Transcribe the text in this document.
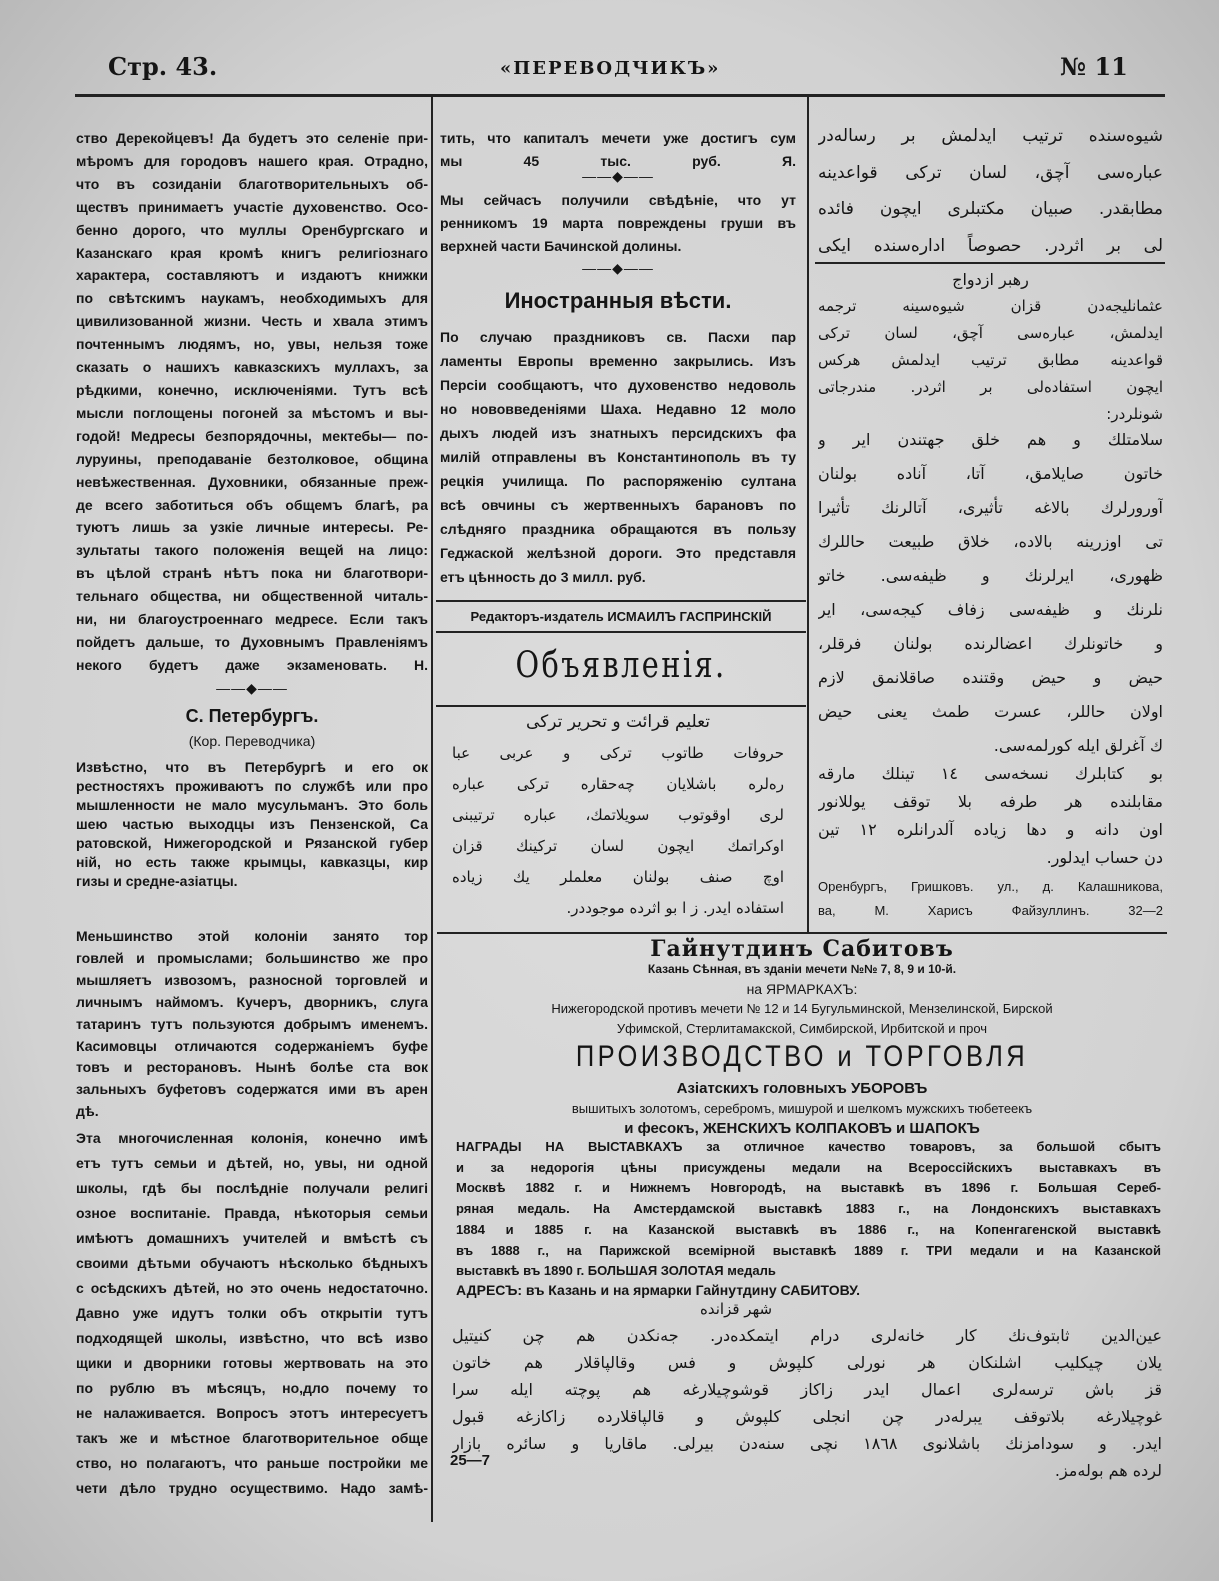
Стр. 43.	«ПЕРЕВОДЧИКЪ»	№ 11
ство Дерекойцевъ! Да будетъ это селеніе при-
мѣромъ для городовъ нашего края. Отрадно,
что въ созиданіи благотворительныхъ об-
ществъ принимаетъ участіе духовенство. Осо-
бенно дорого, что муллы Оренбургскаго и
Казанскаго края кромѣ книгъ религіознаго
характера, составляютъ и издаютъ книжки
по свѣтскимъ наукамъ, необходимыхъ для
цивилизованной жизни. Честь и хвала этимъ
почтеннымъ людямъ, но, увы, нельзя тоже
сказать о нашихъ кавказскихъ муллахъ, за
рѣдкими, конечно, исключеніями. Тутъ всѣ
мысли поглощены погоней за мѣстомъ и вы-
годой! Медресы безпорядочны, мектебы— по-
луруины, преподаваніе безтолковое, община
невѣжественная. Духовники, обязанные преж-
де всего заботиться объ общемъ благѣ, ра
туютъ лишь за узкіе личные интересы. Ре-
зультаты такого положенія вещей на лицо:
въ цѣлой странѣ нѣтъ пока ни благотвори-
тельнаго общества, ни общественной читаль-
ни, ни благоустроеннаго медресе. Если такъ
пойдетъ дальше, то Духовнымъ Правленіямъ
некого будетъ даже экзаменовать. Н.
——◆——
С. Петербургъ.
(Кор. Переводчика)
Извѣстно, что въ Петербургѣ и его ок
рестностяхъ проживаютъ по службѣ или про
мышленности не мало мусульманъ. Это боль
шею частью выходцы изъ Пензенской, Са
ратовской, Нижегородской и Рязанской губер
ній, но есть также крымцы, кавказцы, кир
гизы и средне-азіатцы.
Меньшинство этой колоніи занято тор
говлей и промыслами; большинство же про
мышляетъ извозомъ, разносной торговлей и
личнымъ наймомъ. Кучеръ, дворникъ, слуга
татаринъ тутъ пользуются добрымъ именемъ.
Касимовцы отличаются содержаніемъ буфе
товъ и ресторановъ. Нынѣ болѣе ста вок
зальныхъ буфетовъ содержатся ими въ арен
дѣ.
Эта многочисленная колонія, конечно имѣ
етъ тутъ семьи и дѣтей, но, увы, ни одной
школы, гдѣ бы послѣдніе получали религі
озное воспитаніе. Правда, нѣкоторыя семьи
имѣютъ домашнихъ учителей и вмѣстѣ съ
своими дѣтьми обучаютъ нѣсколько бѣдныхъ
с осѣдскихъ дѣтей, но это очень недостаточно.
Давно уже идутъ толки объ открытіи тутъ
подходящей школы, извѣстно, что всѣ изво
щики и дворники готовы жертвовать на это
по рублю въ мѣсяцъ, но,дло почему то
не налаживается. Вопросъ этотъ интересуетъ
такъ же и мѣстное благотворительное обще
ство, но полагаютъ, что раньше постройки ме
чети дѣло трудно осуществимо. Надо замѣ-
тить, что капиталъ мечети уже достигъ сум
мы 45 тыс. руб. Я.
——◆——
Мы сейчасъ получили свѣдѣніе, что ут
ренникомъ 19 марта повреждены груши въ
верхней части Бачинской долины.
——◆——
Иностранныя вѣсти.
По случаю праздниковъ св. Пасхи пар
ламенты Европы временно закрылись. Изъ
Персіи сообщаютъ, что духовенство недоволь
но нововведеніями Шаха. Недавно 12 моло
дыхъ людей изъ знатныхъ персидскихъ фа
милій отправлены въ Константинополь въ ту
рецкія училища. По распоряженію султана
всѣ овчины съ жертвенныхъ барановъ по
слѣдняго праздника обращаются въ пользу
Геджаской желѣзной дороги. Это представля
етъ цѣнность до 3 милл. руб.
Редакторъ-издатель ИСМАИЛЪ ГАСПРИНСКІЙ
Объявленія.
تعلیم قرائت و تحریر ترکی
حروفات طاتوب تركى و عربى عبا
رەلرە باشلایان چەحقارە تركى عبارە
لرى اوقوتوب سويلاتمك، عبارە ترتيبنى
اوكراتمك ایچون لسان تركینك قزان
اوچ صنف بولنان معلملر يك زياده
استفاده ايدر. ز ا بو اثردە موجوددر.
شیوەسنده ترتیب ایدلمش بر رسالەدر
عبارەسی آچق، لسان ترکی قواعدینە
مطابقدر. صبیان مکتبلری ایچون فائدە
لی بر اثردر. حصوصاً ادارەسندە ایکی
رهبر ازدواج
عثمانلیجەدن قزان شیوەسینە ترجمە
ایدلمش، عبارەسی آچق، لسان ترکی
قواعدینە مطابق ترتیب ایدلمش هرکس
ایچون استفادەلی بر اثردر. مندرجاتی
شونلردر:
سلامتلك و هم خلق جهتندن ایر و
خاتون صایلامق، آتا، آنادە بولنان
آورورلرك بالاغە تأثیری، آتالرنك تأثیرا
تی اوزرینە بالادە، خلاق طبیعت حاللرك
ظهوری، ایرلرنك و ظیفەسی. خاتو
نلرنك و ظیفەسی زفاف کیجەسی، ایر
و خاتونلرك اعضالرندە بولنان فرقلر،
حیض و حیض وقتندە صاقلانمق لازم
اولان حاللر، عسرت طمث یعنی حیض
ك آغرلق ایلە کورلمەسی.
بو کتابلرك نسخەسی ١٤ تینلك مارقە
مقابلندە هر طرفە بلا توقف يوللانور
اون دانە و دها زيادە آلدرانلرە ١٢ تين
دن حساب ايدلور.
Оренбургъ, Гришковъ. ул., д. Калашникова,
ва, М. Харисъ Файзуллинъ. 32—2
Гайнутдинъ Сабитовъ
Казань Сѣнная, въ зданіи мечети №№ 7, 8, 9 и 10-й.
на ЯРМАРКАХЪ:
Нижегородской противъ мечети № 12 и 14 Бугульминской, Мензелинской, Бирской
Уфимской, Стерлитамакской, Симбирской, Ирбитской и проч
ПРОИЗВОДСТВО и ТОРГОВЛЯ
Азіатскихъ головныхъ УБОРОВЪ
вышитыхъ золотомъ, серебромъ, мишурой и шелкомъ мужскихъ тюбетеекъ
и фесокъ, ЖЕНСКИХЪ КОЛПАКОВЪ и ШАПОКЪ
НАГРАДЫ НА ВЫСТАВКАХЪ за отличное качество товаровъ, за большой сбытъ
и за недорогія цѣны присуждены медали на Всероссійскихъ выставкахъ въ
Москвѣ 1882 г. и Нижнемъ Новгородѣ, на выставкѣ въ 1896 г. Большая Сереб-
ряная медаль. На Амстердамской выставкѣ 1883 г., на Лондонскихъ выставкахъ
1884 и 1885 г. на Казанской выставкѣ въ 1886 г., на Копенгагенской выставкѣ
въ 1888 г., на Парижской всемірной выставкѣ 1889 г. ТРИ медали и на Казанской
выставкѣ въ 1890 г. БОЛЬШАЯ ЗОЛОТАЯ медаль
АДРЕСЪ: въ Казань и на ярмарки Гайнутдину САБИТОВУ.
شهر قزانده
عین‌الدین ثابتوف‌نك کار خانەلری درام ایتمکدەدر. جەنکدن هم چن کنیتیل
یلان چیکلیب اشلنکان هر نورلی کلپوش و فس وقالپاقلار هم خاتون
قز باش ترسەلری اعمال ایدر زاکاز قوشوچیلارغە هم پوچتە ایلە سرا
غوچیلارغە بلاتوقف یبرلەدر چن انجلی کلپوش و قالپاقلاردە زاکازغە قبول
ایدر. و سودامزنك باشلانوی ١٨٦٨ نچی سنەدن بیرلی. ماقاریا و سائرە بازار
لردە هم بولەمز.
25—7
